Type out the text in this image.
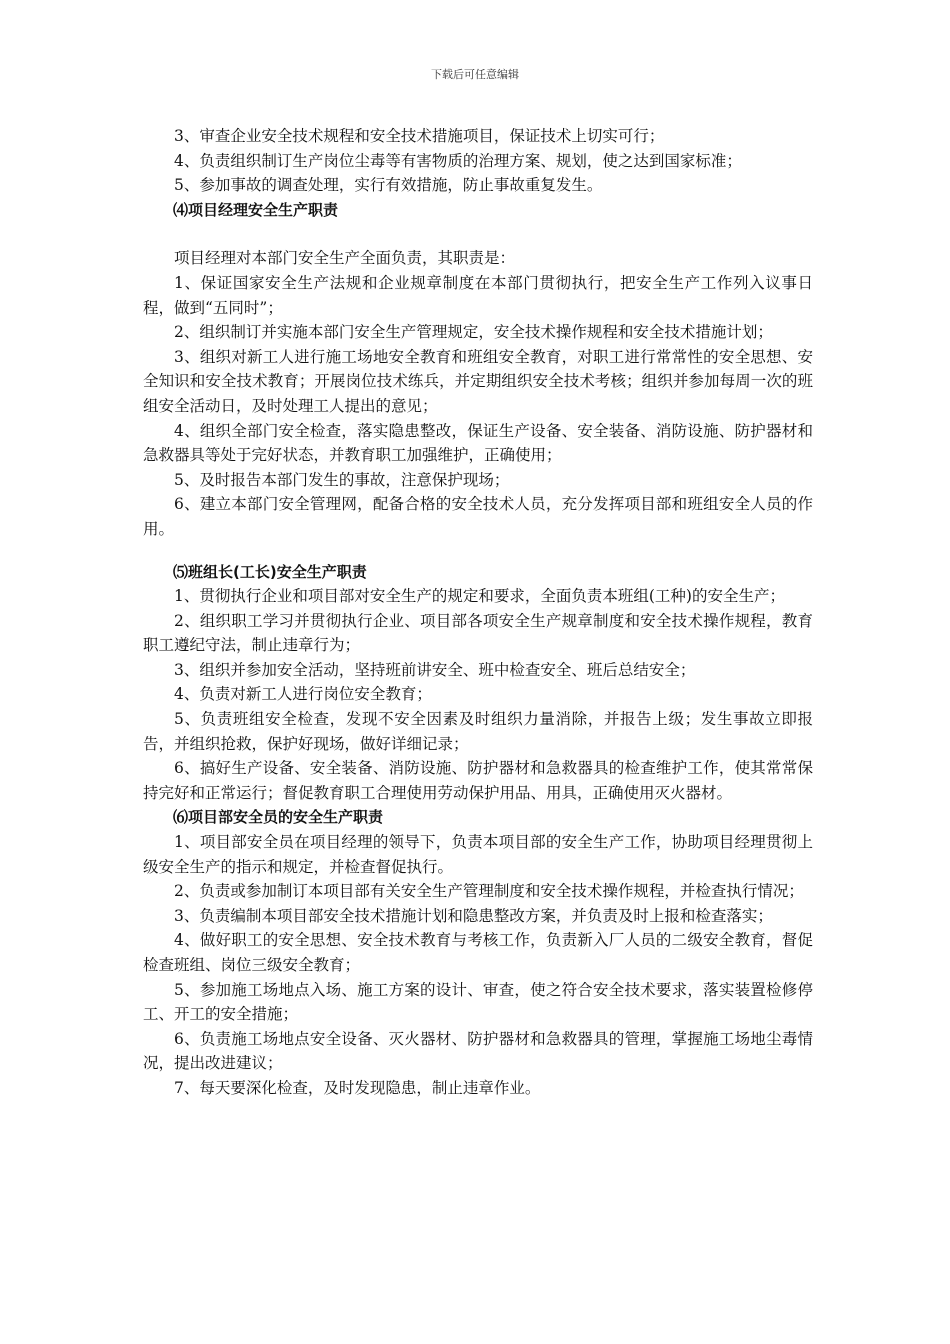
下载后可任意编辑

3、审查企业安全技术规程和安全技术措施项目，保证技术上切实可行；

4、负责组织制订生产岗位尘毒等有害物质的治理方案、规划，使之达到国家标准；

5、参加事故的调查处理，实行有效措施，防止事故重复发生。

⑷项目经理安全生产职责

项目经理对本部门安全生产全面负责，其职责是：

1、保证国家安全生产法规和企业规章制度在本部门贯彻执行，把安全生产工作列入议事日程，做到“五同时”；

2、组织制订并实施本部门安全生产管理规定，安全技术操作规程和安全技术措施计划；

3、组织对新工人进行施工场地安全教育和班组安全教育，对职工进行常常性的安全思想、安全知识和安全技术教育；开展岗位技术练兵，并定期组织安全技术考核；组织并参加每周一次的班组安全活动日，及时处理工人提出的意见；

4、组织全部门安全检查，落实隐患整改，保证生产设备、安全装备、消防设施、防护器材和急救器具等处于完好状态，并教育职工加强维护，正确使用；

5、及时报告本部门发生的事故，注意保护现场；

6、建立本部门安全管理网，配备合格的安全技术人员，充分发挥项目部和班组安全人员的作用。

⑸班组长(工长)安全生产职责

1、贯彻执行企业和项目部对安全生产的规定和要求，全面负责本班组(工种)的安全生产；

2、组织职工学习并贯彻执行企业、项目部各项安全生产规章制度和安全技术操作规程，教育职工遵纪守法，制止违章行为；

3、组织并参加安全活动，坚持班前讲安全、班中检查安全、班后总结安全；

4、负责对新工人进行岗位安全教育；

5、负责班组安全检查，发现不安全因素及时组织力量消除，并报告上级；发生事故立即报告，并组织抢救，保护好现场，做好详细记录；

6、搞好生产设备、安全装备、消防设施、防护器材和急救器具的检查维护工作，使其常常保持完好和正常运行；督促教育职工合理使用劳动保护用品、用具，正确使用灭火器材。

⑹项目部安全员的安全生产职责

1、项目部安全员在项目经理的领导下，负责本项目部的安全生产工作，协助项目经理贯彻上级安全生产的指示和规定，并检查督促执行。

2、负责或参加制订本项目部有关安全生产管理制度和安全技术操作规程，并检查执行情况；

3、负责编制本项目部安全技术措施计划和隐患整改方案，并负责及时上报和检查落实；

4、做好职工的安全思想、安全技术教育与考核工作，负责新入厂人员的二级安全教育，督促检查班组、岗位三级安全教育；

5、参加施工场地点入场、施工方案的设计、审查，使之符合安全技术要求，落实装置检修停工、开工的安全措施；

6、负责施工场地点安全设备、灭火器材、防护器材和急救器具的管理，掌握施工场地尘毒情况，提出改进建议；

7、每天要深化检查，及时发现隐患，制止违章作业。
